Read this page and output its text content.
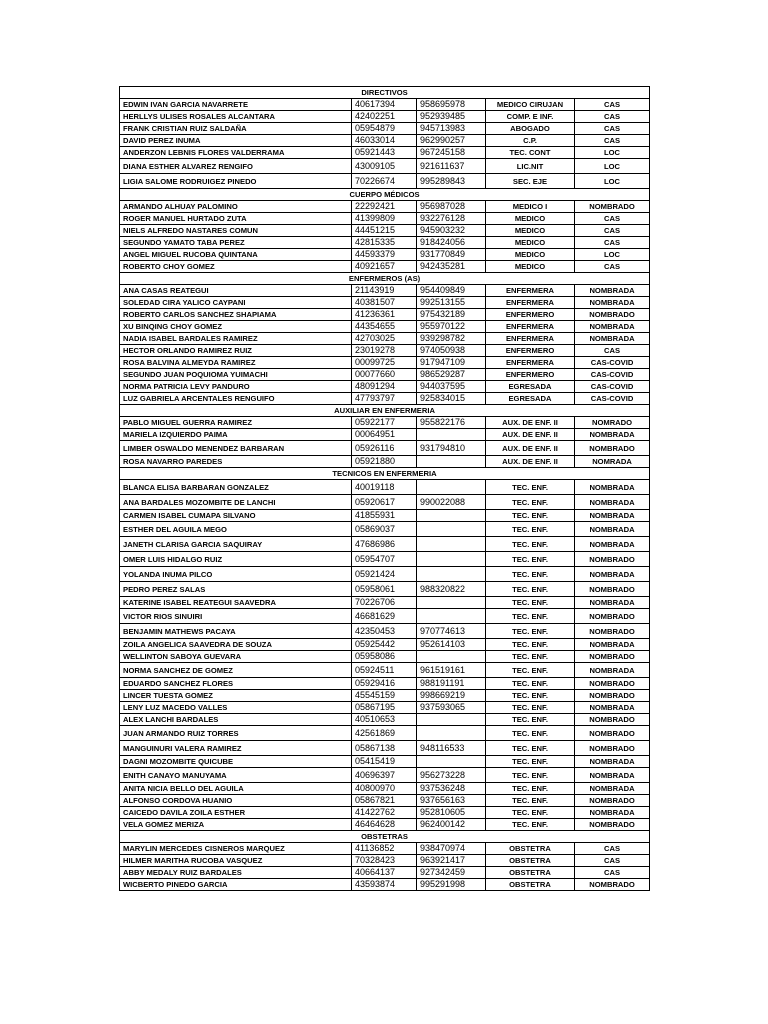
DIRECTIVOS				
EDWIN IVAN GARCIA NAVARRETE	40617394	958695978	MEDICO CIRUJAN	CAS
HERLLYS ULISES ROSALES ALCANTARA	42402251	952939485	COMP. E INF.	CAS
FRANK CRISTIAN RUIZ SALDAÑA	05954879	945713983	ABOGADO	CAS
DAVID PEREZ INUMA	46033014	962990257	C.P.	CAS
ANDERZON LEBNIS FLORES VALDERRAMA	05921443	967245158	TEC. CONT	LOC
DIANA ESTHER ALVAREZ RENGIFO	43009105	921611637	LIC.NIT	LOC
LIGIA SALOME RODRUIGEZ PINEDO	70226674	995289843	SEC. EJE	LOC
CUERPO MÉDICOS				
ARMANDO ALHUAY PALOMINO	22292421	956987028	MEDICO I	NOMBRADO
ROGER MANUEL HURTADO ZUTA	41399809	932276128	MEDICO	CAS
NIELS ALFREDO NASTARES COMUN	44451215	945903232	MEDICO	CAS
SEGUNDO YAMATO TABA PEREZ	42815335	918424056	MEDICO	CAS
ANGEL MIGUEL RUCOBA QUINTANA	44593379	931770849	MEDICO	LOC
ROBERTO CHOY GOMEZ	40921657	942435281	MEDICO	CAS
ENFERMEROS (AS)				
ANA CASAS REATEGUI	21143919	954409849	ENFERMERA	NOMBRADA
SOLEDAD CIRA YALICO CAYPANI	40381507	992513155	ENFERMERA	NOMBRADA
ROBERTO CARLOS SANCHEZ SHAPIAMA	41236361	975432189	ENFERMERO	NOMBRADO
XU BINQING CHOY GOMEZ	44354655	955970122	ENFERMERA	NOMBRADA
NADIA ISABEL BARDALES RAMIREZ	42703025	939298782	ENFERMERA	NOMBRADA
HECTOR ORLANDO RAMIREZ RUIZ	23019278	974050938	ENFERMERO	CAS
ROSA BALVINA ALMEYDA RAMIREZ	00099725	917947109	ENFERMERA	CAS-COVID
SEGUNDO JUAN POQUIOMA YUIMACHI	00077660	986529287	ENFERMERO	CAS-COVID
NORMA PATRICIA LEVY PANDURO	48091294	944037595	EGRESADA	CAS-COVID
LUZ GABRIELA ARCENTALES RENGUIFO	47793797	925834015	EGRESADA	CAS-COVID
AUXILIAR EN ENFERMERIA				
PABLO MIGUEL GUERRA RAMIREZ	05922177	955822176	AUX. DE ENF. II	NOMRADO
MARIELA IZQUIERDO PAIMA	00064951		AUX. DE ENF. II	NOMBRADA
LIMBER OSWALDO MENENDEZ BARBARAN	05926116	931794810	AUX. DE ENF. II	NOMBRADO
ROSA NAVARRO PAREDES	05921880		AUX. DE ENF. II	NOMRADA
TECNICOS EN ENFERMERIA				
BLANCA ELISA BARBARAN GONZALEZ	40019118		TEC. ENF.	NOMBRADA
ANA BARDALES MOZOMBITE DE LANCHI	05920617	990022088	TEC. ENF.	NOMBRADA
CARMEN ISABEL CUMAPA SILVANO	41855931		TEC. ENF.	NOMBRADA
ESTHER DEL AGUILA MEGO	05869037		TEC. ENF.	NOMBRADA
JANETH CLARISA GARCIA SAQUIRAY	47686986		TEC. ENF.	NOMBRADA
OMER LUIS HIDALGO RUIZ	05954707		TEC. ENF.	NOMBRADO
YOLANDA INUMA PILCO	05921424		TEC. ENF.	NOMBRADA
PEDRO PEREZ SALAS	05958061	988320822	TEC. ENF.	NOMBRADO
KATERINE ISABEL REATEGUI SAAVEDRA	70226706		TEC. ENF.	NOMBRADA
VICTOR RIOS SINUIRI	46681629		TEC. ENF.	NOMBRADO
BENJAMIN MATHEWS PACAYA	42350453	970774613	TEC. ENF.	NOMBRADO
ZOILA ANGELICA SAAVEDRA DE SOUZA	05925442	952614103	TEC. ENF.	NOMBRADA
WELLINTON SABOYA GUEVARA	05958086		TEC. ENF.	NOMBRADO
NORMA SANCHEZ DE GOMEZ	05924511	961519161	TEC. ENF.	NOMBRADA
EDUARDO SANCHEZ FLORES	05929416	988191191	TEC. ENF.	NOMBRADO
LINCER TUESTA GOMEZ	45545159	998669219	TEC. ENF.	NOMBRADO
LENY LUZ MACEDO VALLES	05867195	937593065	TEC. ENF.	NOMBRADA
ALEX LANCHI BARDALES	40510653		TEC. ENF.	NOMBRADO
JUAN ARMANDO RUIZ TORRES	42561869		TEC. ENF.	NOMBRADO
MANGUINURI VALERA RAMIREZ	05867138	948116533	TEC. ENF.	NOMBRADO
DAGNI MOZOMBITE QUICUBE	05415419		TEC. ENF.	NOMBRADA
ENITH CANAYO MANUYAMA	40696397	956273228	TEC. ENF.	NOMBRADA
ANITA NICIA BELLO DEL AGUILA	40800970	937536248	TEC. ENF.	NOMBRADA
ALFONSO CORDOVA HUANIO	05867821	937656163	TEC. ENF.	NOMBRADO
CAICEDO DAVILA ZOILA ESTHER	41422762	952810605	TEC. ENF.	NOMBRADA
VELA GOMEZ MERIZA	46464628	962400142	TEC. ENF.	NOMBRADO
OBSTETRAS				
MARYLIN MERCEDES CISNEROS MARQUEZ	41136852	938470974	OBSTETRA	CAS
HILMER MARITHA RUCOBA VASQUEZ	70328423	963921417	OBSTETRA	CAS
ABBY MEDALY RUIZ BARDALES	40664137	927342459	OBSTETRA	CAS
WICBERTO PINEDO GARCIA	43593874	995291998	OBSTETRA	NOMBRADO
